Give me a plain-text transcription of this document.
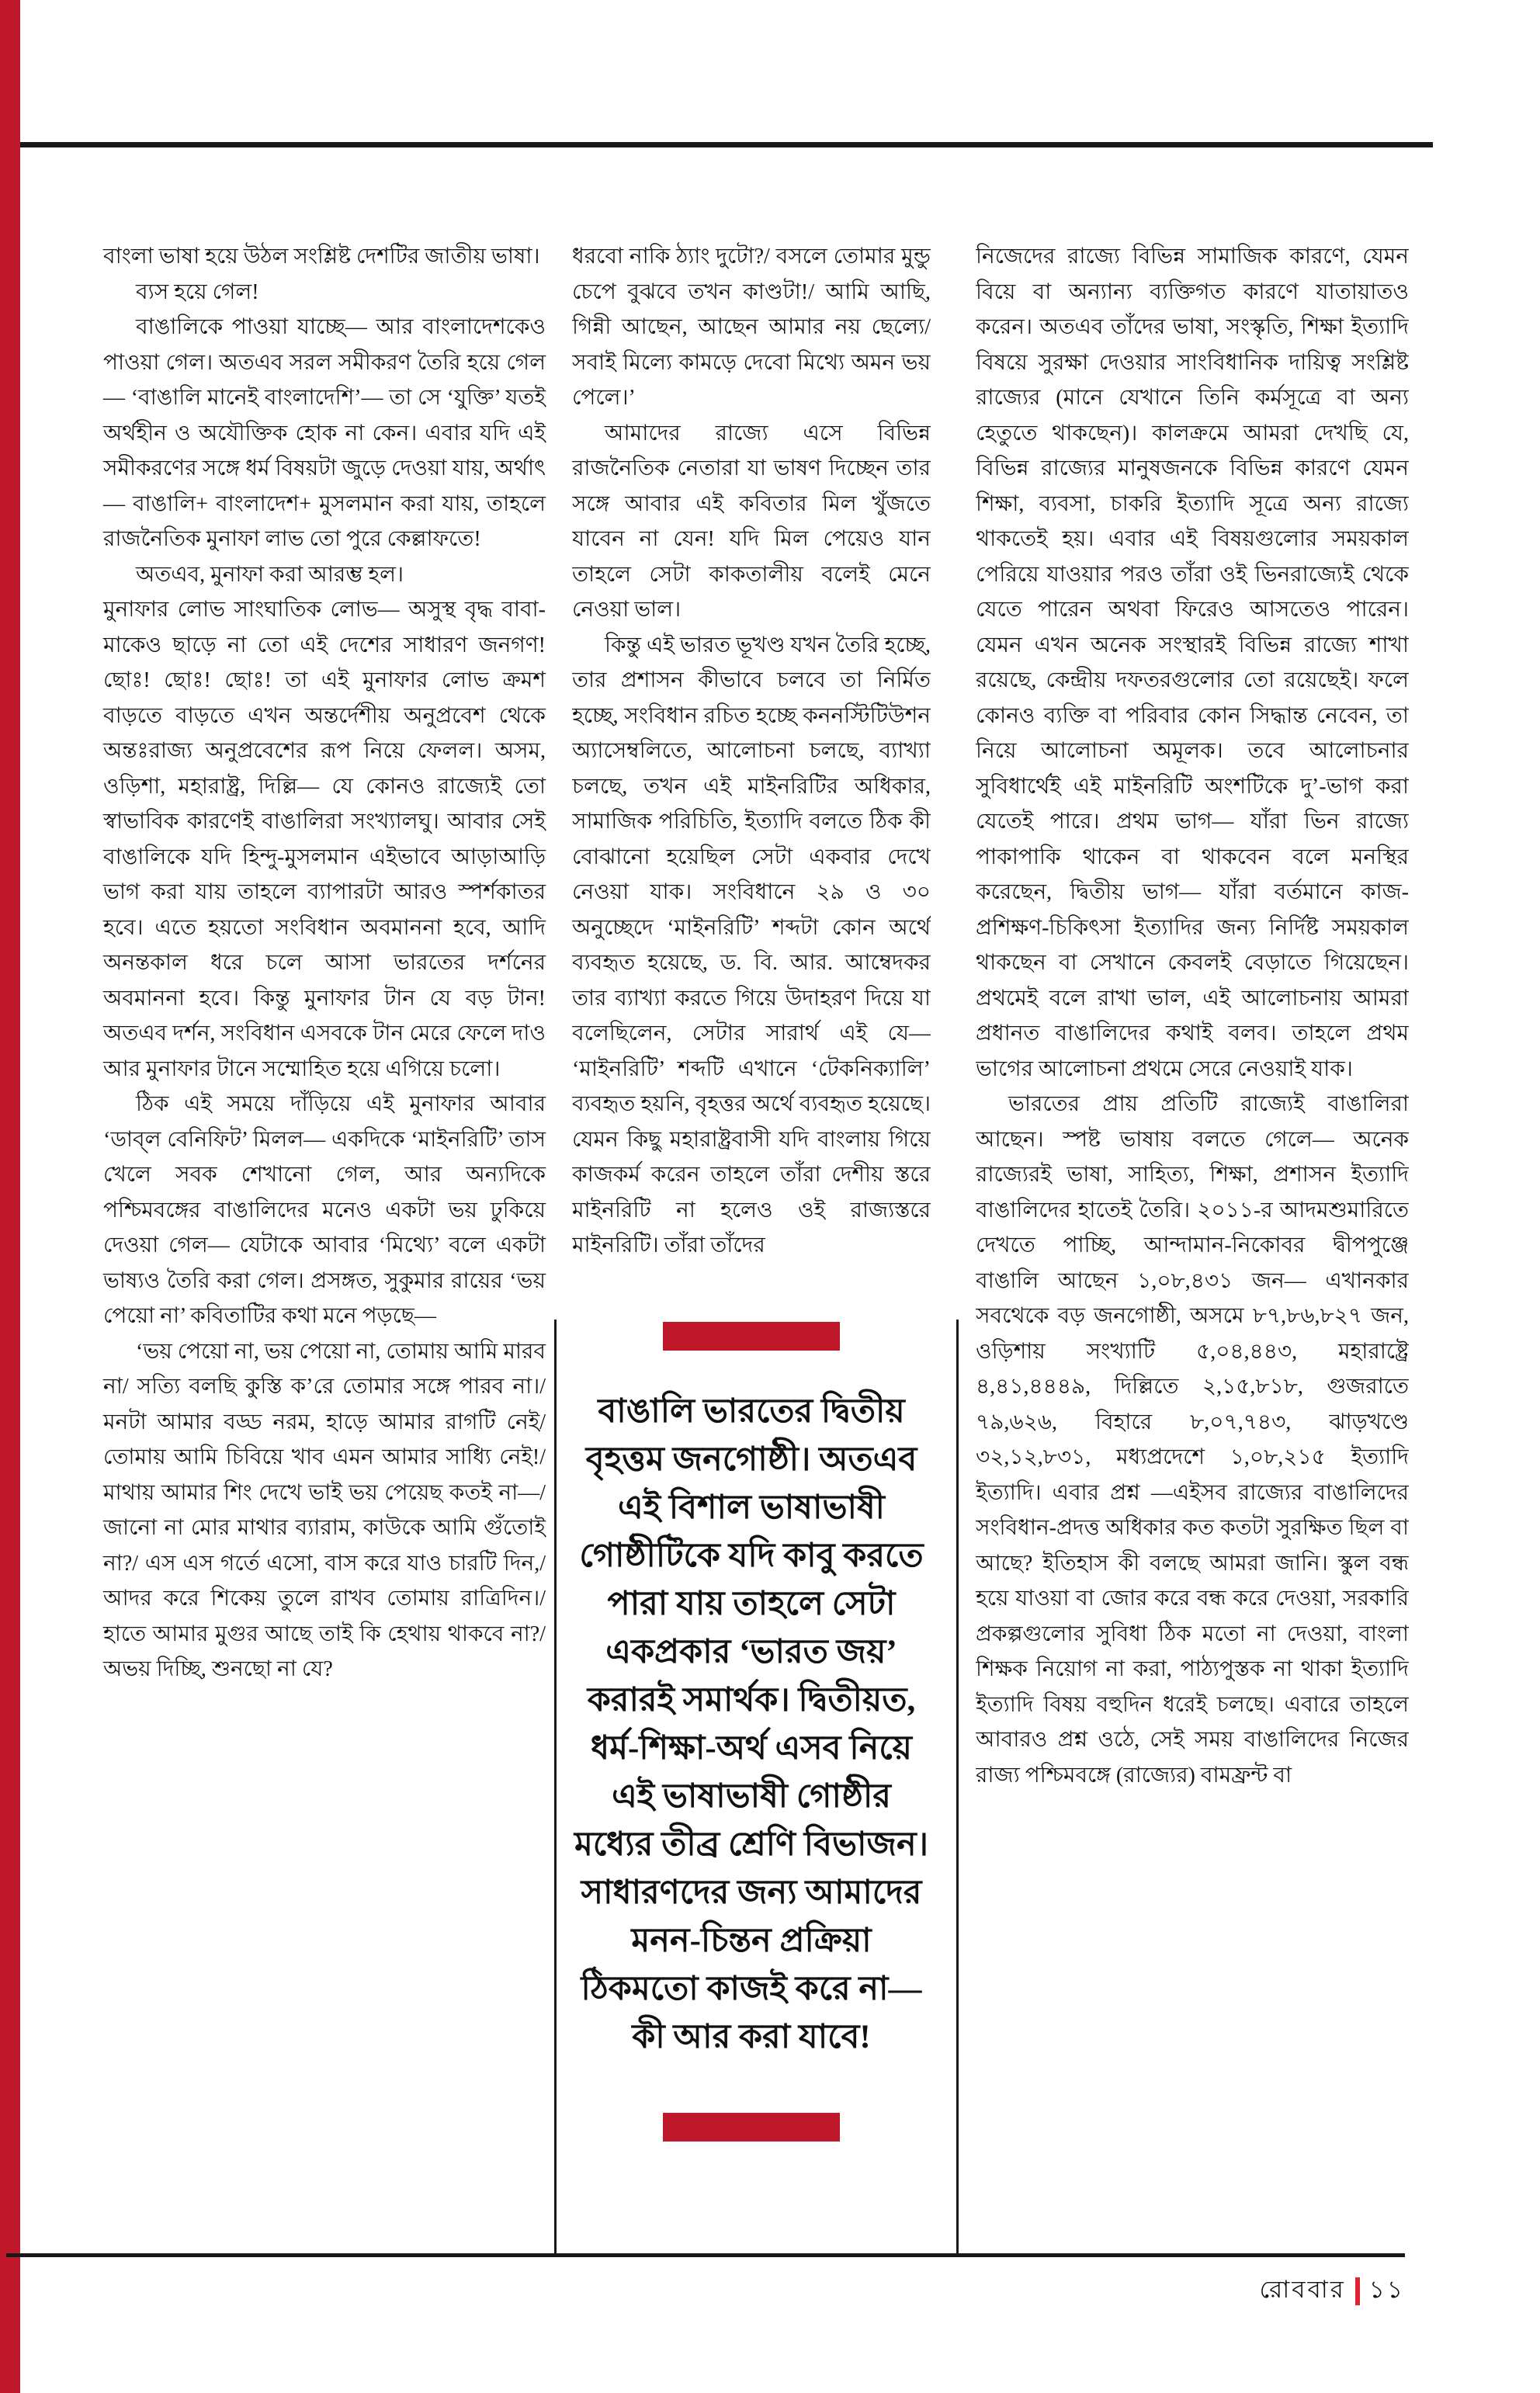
বাংলা ভাষা হয়ে উঠল সংশ্লিষ্ট দেশটির জাতীয় ভাষা।

ব্যস হয়ে গেল!

বাঙালিকে পাওয়া যাচ্ছে— আর বাংলাদেশকেও পাওয়া গেল। অতএব সরল সমীকরণ তৈরি হয়ে গেল— ‘বাঙালি মানেই বাংলাদেশি’— তা সে ‘যুক্তি’ যতই অর্থহীন ও অযৌক্তিক হোক না কেন। এবার যদি এই সমীকরণের সঙ্গে ধর্ম বিষয়টা জুড়ে দেওয়া যায়, অর্থাৎ— বাঙালি+ বাংলাদেশ+ মুসলমান করা যায়, তাহলে রাজনৈতিক মুনাফা লাভ তো পুরে কেল্লাফতে!

অতএব, মুনাফা করা আরম্ভ হল।

মুনাফার লোভ সাংঘাতিক লোভ— অসুস্থ বৃদ্ধ বাবা-মাকেও ছাড়ে না তো এই দেশের সাধারণ জনগণ! ছোঃ! ছোঃ! ছোঃ! তা এই মুনাফার লোভ ক্রমশ বাড়তে বাড়তে এখন অন্তর্দেশীয় অনুপ্রবেশ থেকে অন্তঃরাজ্য অনুপ্রবেশের রূপ নিয়ে ফেলল। অসম, ওড়িশা, মহারাষ্ট্র, দিল্লি— যে কোনও রাজ্যেই তো স্বাভাবিক কারণেই বাঙালিরা সংখ্যালঘু। আবার সেই বাঙালিকে যদি হিন্দু-মুসলমান এইভাবে আড়াআড়ি ভাগ করা যায় তাহলে ব্যাপারটা আরও স্পর্শকাতর হবে। এতে হয়তো সংবিধান অবমাননা হবে, আদি অনন্তকাল ধরে চলে আসা ভারতের দর্শনের অবমাননা হবে। কিন্তু মুনাফার টান যে বড় টান! অতএব দর্শন, সংবিধান এসবকে টান মেরে ফেলে দাও আর মুনাফার টানে সম্মোহিত হয়ে এগিয়ে চলো।

ঠিক এই সময়ে দাঁড়িয়ে এই মুনাফার আবার ‘ডাব্‌ল বেনিফিট’ মিলল— একদিকে ‘মাইনরিটি’ তাস খেলে সবক শেখানো গেল, আর অন্যদিকে পশ্চিমবঙ্গের বাঙালিদের মনেও একটা ভয় ঢুকিয়ে দেওয়া গেল— যেটাকে আবার ‘মিথ্যে’ বলে একটা ভাষ্যও তৈরি করা গেল। প্রসঙ্গত, সুকুমার রায়ের ‘ভয় পেয়ো না’ কবিতাটির কথা মনে পড়ছে—

‘ভয় পেয়ো না, ভয় পেয়ো না, তোমায় আমি মারব না/ সত্যি বলছি কুস্তি ক’রে তোমার সঙ্গে পারব না।/ মনটা আমার বড্ড নরম, হাড়ে আমার রাগটি নেই/ তোমায় আমি চিবিয়ে খাব এমন আমার সাধ্যি নেই!/ মাথায় আমার শিং দেখে ভাই ভয় পেয়েছ কতই না—/ জানো না মোর মাথার ব্যারাম, কাউকে আমি গুঁতোই না?/ এস এস গর্তে এসো, বাস করে যাও চারটি দিন,/ আদর করে শিকেয় তুলে রাখব তোমায় রাত্রিদিন।/ হাতে আমার মুগুর আছে তাই কি হেথায় থাকবে না?/ অভয় দিচ্ছি, শুনছো না যে?

ধরবো নাকি ঠ্যাং দুটো?/ বসলে তোমার মুন্ডু চেপে বুঝবে তখন কাণ্ডটা!/ আমি আছি, গিন্নী আছেন, আছেন আমার নয় ছেল্যে/ সবাই মিল্যে কামড়ে দেবো মিথ্যে অমন ভয় পেলে।’

আমাদের রাজ্যে এসে বিভিন্ন রাজনৈতিক নেতারা যা ভাষণ দিচ্ছেন তার সঙ্গে আবার এই কবিতার মিল খুঁজতে যাবেন না যেন! যদি মিল পেয়েও যান তাহলে সেটা কাকতালীয় বলেই মেনে নেওয়া ভাল।

কিন্তু এই ভারত ভূখণ্ড যখন তৈরি হচ্ছে, তার প্রশাসন কীভাবে চলবে তা নির্মিত হচ্ছে, সংবিধান রচিত হচ্ছে কননস্টিটিউশন অ্যাসেম্বলিতে, আলোচনা চলছে, ব্যাখ্যা চলছে, তখন এই মাইনরিটির অধিকার, সামাজিক পরিচিতি, ইত্যাদি বলতে ঠিক কী বোঝানো হয়েছিল সেটা একবার দেখে নেওয়া যাক। সংবিধানে ২৯ ও ৩০ অনুচ্ছেদে ‘মাইনরিটি’ শব্দটা কোন অর্থে ব্যবহৃত হয়েছে, ড. বি. আর. আম্বেদকর তার ব্যাখ্যা করতে গিয়ে উদাহরণ দিয়ে যা বলেছিলেন, সেটার সারার্থ এই যে— ‘মাইনরিটি’ শব্দটি এখানে ‘টেকনিক্যালি’ ব্যবহৃত হয়নি, বৃহত্তর অর্থে ব্যবহৃত হয়েছে। যেমন কিছু মহারাষ্ট্রবাসী যদি বাংলায় গিয়ে কাজকর্ম করেন তাহলে তাঁরা দেশীয় স্তরে মাইনরিটি না হলেও ওই রাজ্যস্তরে মাইনরিটি। তাঁরা তাঁদের

বাঙালি ভারতের দ্বিতীয় বৃহত্তম জনগোষ্ঠী। অতএব এই বিশাল ভাষাভাষী গোষ্ঠীটিকে যদি কাবু করতে পারা যায় তাহলে সেটা একপ্রকার ‘ভারত জয়’ করারই সমার্থক। দ্বিতীয়ত, ধর্ম-শিক্ষা-অর্থ এসব নিয়ে এই ভাষাভাষী গোষ্ঠীর মধ্যের তীব্র শ্রেণি বিভাজন। সাধারণদের জন্য আমাদের মনন-চিন্তন প্রক্রিয়া ঠিকমতো কাজই করে না— কী আর করা যাবে!

নিজেদের রাজ্যে বিভিন্ন সামাজিক কারণে, যেমন বিয়ে বা অন্যান্য ব্যক্তিগত কারণে যাতায়াতও করেন। অতএব তাঁদের ভাষা, সংস্কৃতি, শিক্ষা ইত্যাদি বিষয়ে সুরক্ষা দেওয়ার সাংবিধানিক দায়িত্ব সংশ্লিষ্ট রাজ্যের (মানে যেখানে তিনি কর্মসূত্রে বা অন্য হেতুতে থাকছেন)। কালক্রমে আমরা দেখছি যে, বিভিন্ন রাজ্যের মানুষজনকে বিভিন্ন কারণে যেমন শিক্ষা, ব্যবসা, চাকরি ইত্যাদি সূত্রে অন্য রাজ্যে থাকতেই হয়। এবার এই বিষয়গুলোর সময়কাল পেরিয়ে যাওয়ার পরও তাঁরা ওই ভিনরাজ্যেই থেকে যেতে পারেন অথবা ফিরেও আসতেও পারেন। যেমন এখন অনেক সংস্থারই বিভিন্ন রাজ্যে শাখা রয়েছে, কেন্দ্রীয় দফতরগুলোর তো রয়েছেই। ফলে কোনও ব্যক্তি বা পরিবার কোন সিদ্ধান্ত নেবেন, তা নিয়ে আলোচনা অমূলক। তবে আলোচনার সুবিধার্থেই এই মাইনরিটি অংশটিকে দু’-ভাগ করা যেতেই পারে। প্রথম ভাগ— যাঁরা ভিন রাজ্যে পাকাপাকি থাকেন বা থাকবেন বলে মনস্থির করেছেন, দ্বিতীয় ভাগ— যাঁরা বর্তমানে কাজ-প্রশিক্ষণ-চিকিৎসা ইত্যাদির জন্য নির্দিষ্ট সময়কাল থাকছেন বা সেখানে কেবলই বেড়াতে গিয়েছেন। প্রথমেই বলে রাখা ভাল, এই আলোচনায় আমরা প্রধানত বাঙালিদের কথাই বলব। তাহলে প্রথম ভাগের আলোচনা প্রথমে সেরে নেওয়াই যাক।

ভারতের প্রায় প্রতিটি রাজ্যেই বাঙালিরা আছেন। স্পষ্ট ভাষায় বলতে গেলে— অনেক রাজ্যেরই ভাষা, সাহিত্য, শিক্ষা, প্রশাসন ইত্যাদি বাঙালিদের হাতেই তৈরি। ২০১১-র আদমশুমারিতে দেখতে পাচ্ছি, আন্দামান-নিকোবর দ্বীপপুঞ্জে বাঙালি আছেন ১,০৮,৪৩১ জন— এখানকার সবথেকে বড় জনগোষ্ঠী, অসমে ৮৭,৮৬,৮২৭ জন, ওড়িশায় সংখ্যাটি ৫,০৪,৪৪৩, মহারাষ্ট্রে ৪,৪১,৪৪৪৯, দিল্লিতে ২,১৫,৮১৮, গুজরাতে ৭৯,৬২৬, বিহারে ৮,০৭,৭৪৩, ঝাড়খণ্ডে ৩২,১২,৮৩১, মধ্যপ্রদেশে ১,০৮,২১৫ ইত্যাদি ইত্যাদি। এবার প্রশ্ন —এইসব রাজ্যের বাঙালিদের সংবিধান-প্রদত্ত অধিকার কত কতটা সুরক্ষিত ছিল বা আছে? ইতিহাস কী বলছে আমরা জানি। স্কুল বন্ধ হয়ে যাওয়া বা জোর করে বন্ধ করে দেওয়া, সরকারি প্রকল্পগুলোর সুবিধা ঠিক মতো না দেওয়া, বাংলা শিক্ষক নিয়োগ না করা, পাঠ্যপুস্তক না থাকা ইত্যাদি ইত্যাদি বিষয় বহুদিন ধরেই চলছে। এবারে তাহলে আবারও প্রশ্ন ওঠে, সেই সময় বাঙালিদের নিজের রাজ্য পশ্চিমবঙ্গে (রাজ্যের) বামফ্রন্ট বা

রোববার ১১
